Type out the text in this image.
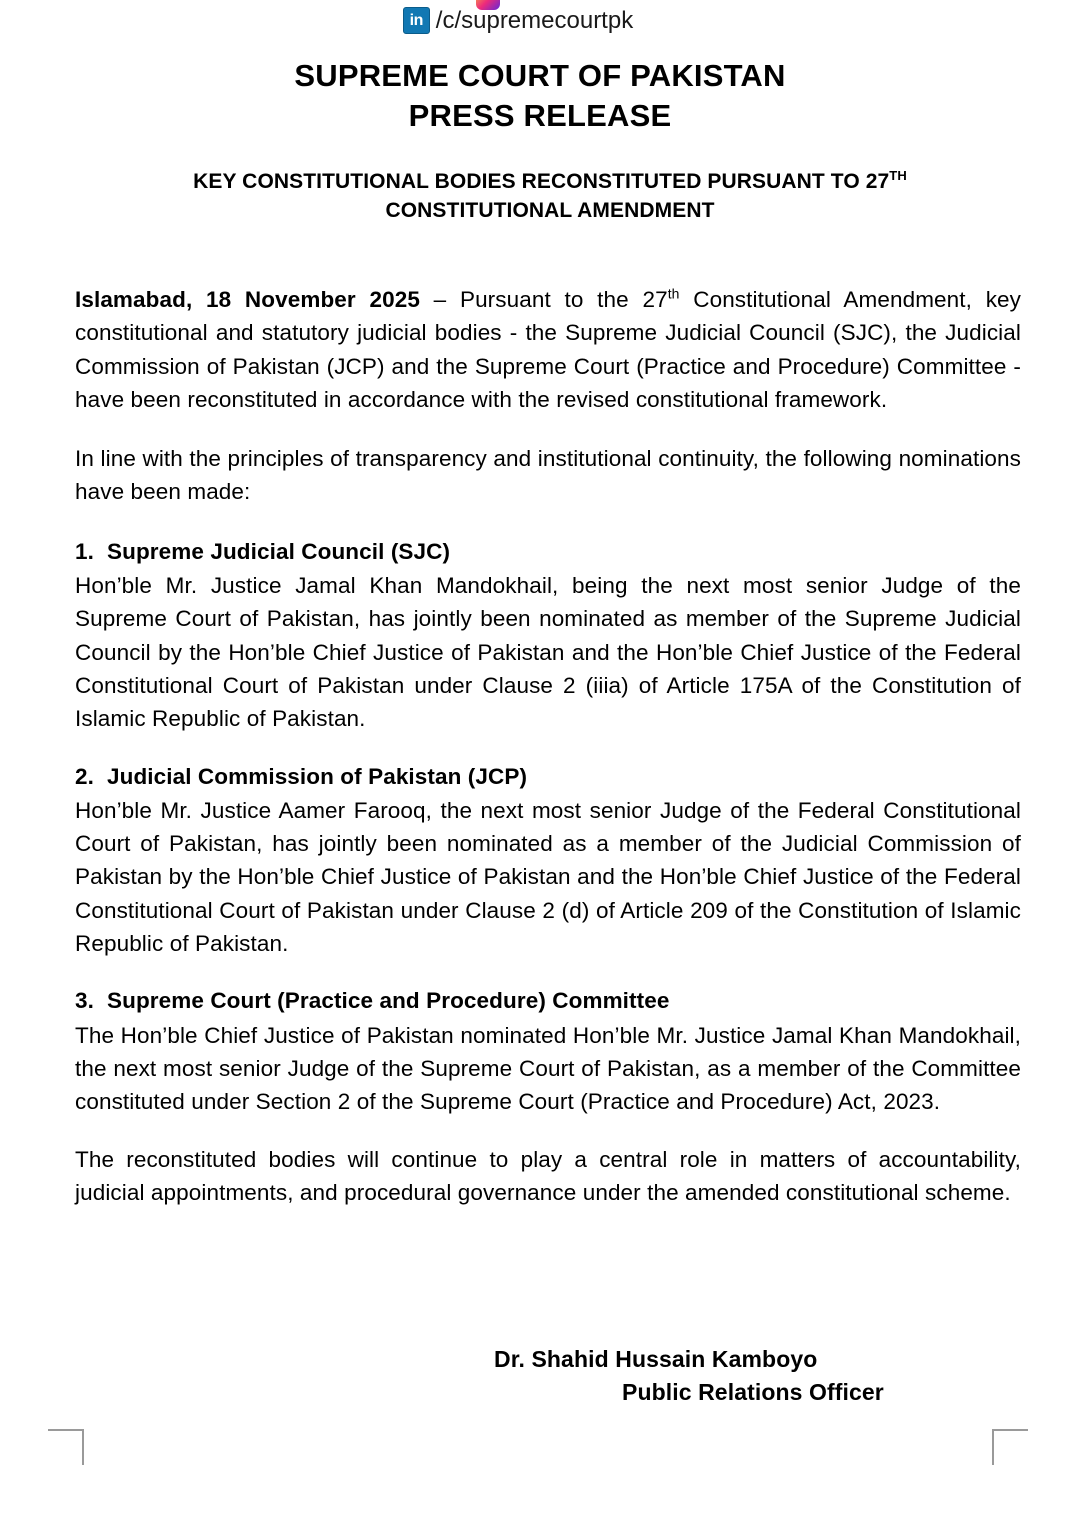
in /c/supremecourtpk
SUPREME COURT OF PAKISTAN
PRESS RELEASE
KEY CONSTITUTIONAL BODIES RECONSTITUTED PURSUANT TO 27TH CONSTITUTIONAL AMENDMENT

Islamabad, 18 November 2025 – Pursuant to the 27th Constitutional Amendment, key constitutional and statutory judicial bodies - the Supreme Judicial Council (SJC), the Judicial Commission of Pakistan (JCP) and the Supreme Court (Practice and Procedure) Committee - have been reconstituted in accordance with the revised constitutional framework.

In line with the principles of transparency and institutional continuity, the following nominations have been made:

1. Supreme Judicial Council (SJC)

Hon’ble Mr. Justice Jamal Khan Mandokhail, being the next most senior Judge of the Supreme Court of Pakistan, has jointly been nominated as member of the Supreme Judicial Council by the Hon’ble Chief Justice of Pakistan and the Hon’ble Chief Justice of the Federal Constitutional Court of Pakistan under Clause 2 (iiia) of Article 175A of the Constitution of Islamic Republic of Pakistan.

2. Judicial Commission of Pakistan (JCP)

Hon’ble Mr. Justice Aamer Farooq, the next most senior Judge of the Federal Constitutional Court of Pakistan, has jointly been nominated as a member of the Judicial Commission of Pakistan by the Hon’ble Chief Justice of Pakistan and the Hon’ble Chief Justice of the Federal Constitutional Court of Pakistan under Clause 2 (d) of Article 209 of the Constitution of Islamic Republic of Pakistan.

3. Supreme Court (Practice and Procedure) Committee

The Hon’ble Chief Justice of Pakistan nominated Hon’ble Mr. Justice Jamal Khan Mandokhail, the next most senior Judge of the Supreme Court of Pakistan, as a member of the Committee constituted under Section 2 of the Supreme Court (Practice and Procedure) Act, 2023.

The reconstituted bodies will continue to play a central role in matters of accountability, judicial appointments, and procedural governance under the amended constitutional scheme.

Dr. Shahid Hussain Kamboyo
Public Relations Officer
